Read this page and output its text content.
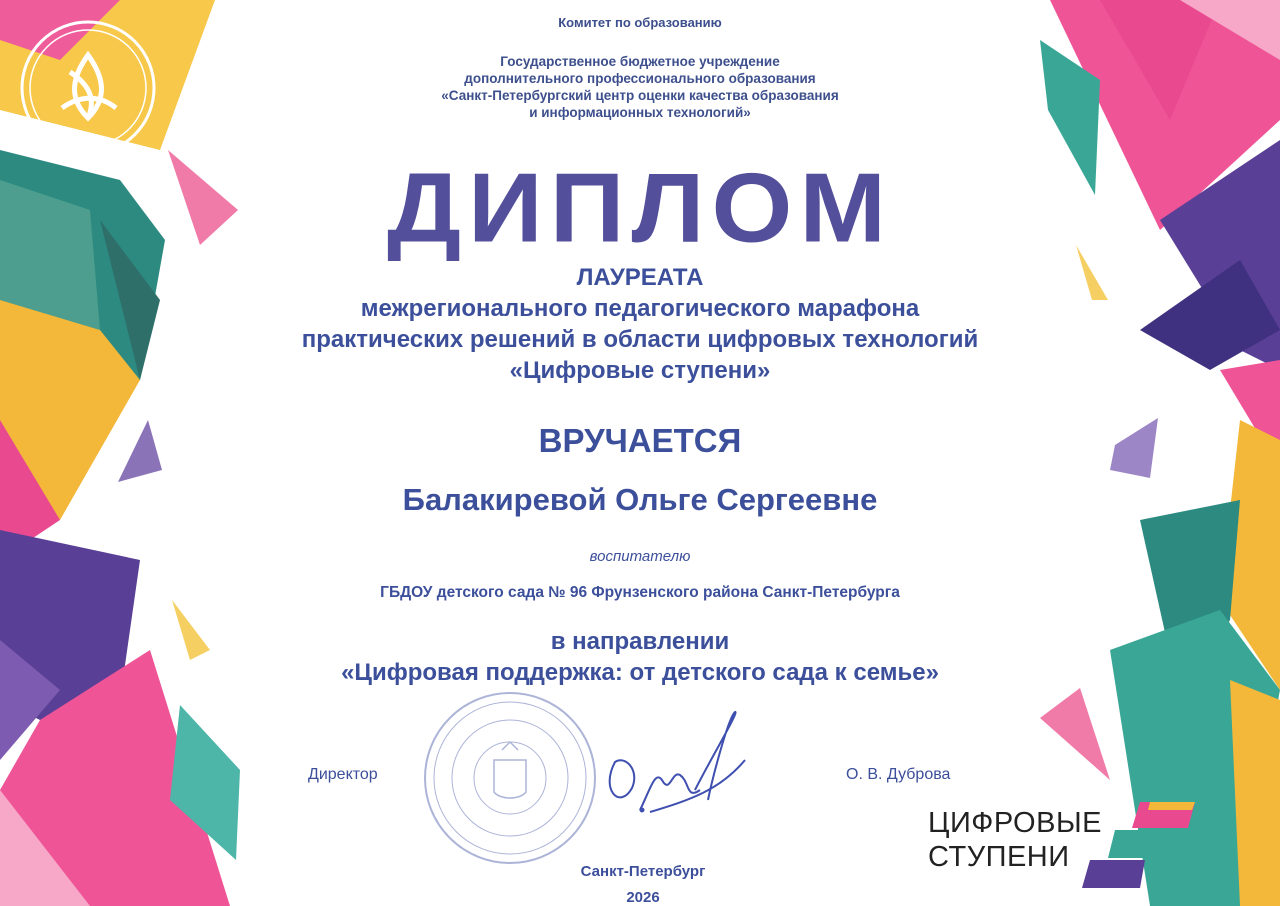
Комитет по образованию

Государственное бюджетное учреждение
дополнительного профессионального образования
«Санкт-Петербургский центр оценки качества образования
и информационных технологий»
ДИПЛОМ
ЛАУРЕАТА
межрегионального педагогического марафона
практических решений в области цифровых технологий
«Цифровые ступени»

ВРУЧАЕТСЯ

Балакиревой Ольге Сергеевне

воспитателю

ГБДОУ детского сада № 96 Фрунзенского района Санкт-Петербурга

в направлении
«Цифровая поддержка: от детского сада к семье»

Директор	О. В. Дуброва

Санкт-Петербург

2026

ЦИФРОВЫЕ
СТУПЕНИ
